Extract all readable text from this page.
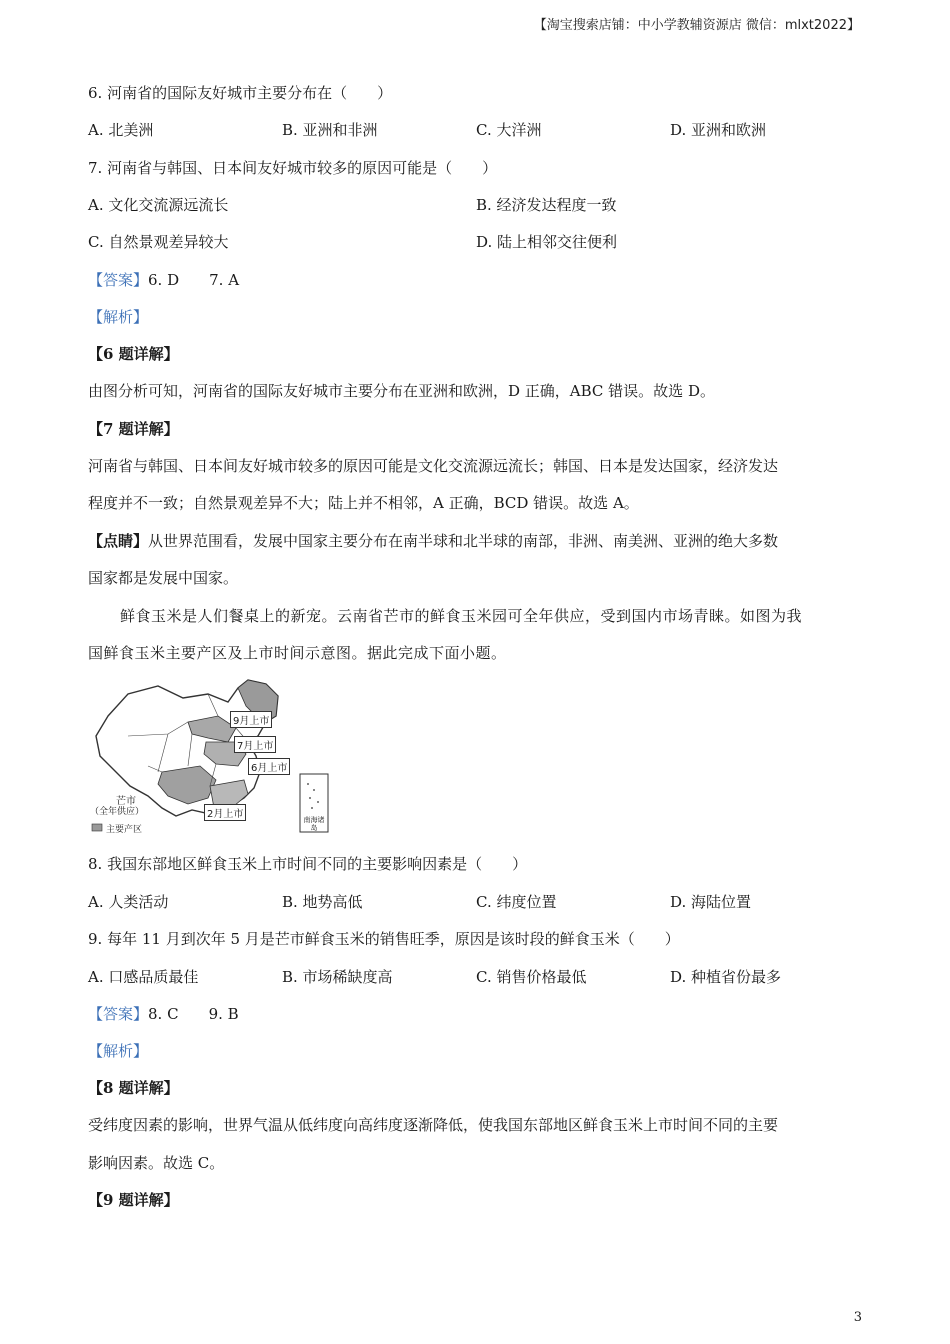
【淘宝搜索店铺：中小学教辅资源店 微信：mlxt2022】
6. 河南省的国际友好城市主要分布在（　　）
A. 北美洲	B. 亚洲和非洲	C. 大洋洲	D. 亚洲和欧洲
7. 河南省与韩国、日本间友好城市较多的原因可能是（　　）
A. 文化交流源远流长	B. 经济发达程度一致
C. 自然景观差异较大	D. 陆上相邻交往便利
【答案】6. D　　7. A
【解析】
【6 题详解】
由图分析可知，河南省的国际友好城市主要分布在亚洲和欧洲，D 正确，ABC 错误。故选 D。
【7 题详解】
河南省与韩国、日本间友好城市较多的原因可能是文化交流源远流长；韩国、日本是发达国家，经济发达
程度并不一致；自然景观差异不大；陆上并不相邻，A 正确，BCD 错误。故选 A。
【点睛】从世界范围看，发展中国家主要分布在南半球和北半球的南部，非洲、南美洲、亚洲的绝大多数
国家都是发展中国家。
鲜食玉米是人们餐桌上的新宠。云南省芒市的鲜食玉米园可全年供应，受到国内市场青睐。如图为我
国鲜食玉米主要产区及上市时间示意图。据此完成下面小题。
9月上市
7月上市
6月上市
2月上市
芒市
（全年供应）
主要产区
南海诸岛
8. 我国东部地区鲜食玉米上市时间不同的主要影响因素是（　　）
A. 人类活动	B. 地势高低	C. 纬度位置	D. 海陆位置
9. 每年 11 月到次年 5 月是芒市鲜食玉米的销售旺季，原因是该时段的鲜食玉米（　　）
A. 口感品质最佳	B. 市场稀缺度高	C. 销售价格最低	D. 种植省份最多
【答案】8. C　　9. B
【解析】
【8 题详解】
受纬度因素的影响，世界气温从低纬度向高纬度逐渐降低，使我国东部地区鲜食玉米上市时间不同的主要
影响因素。故选 C。
【9 题详解】
3
